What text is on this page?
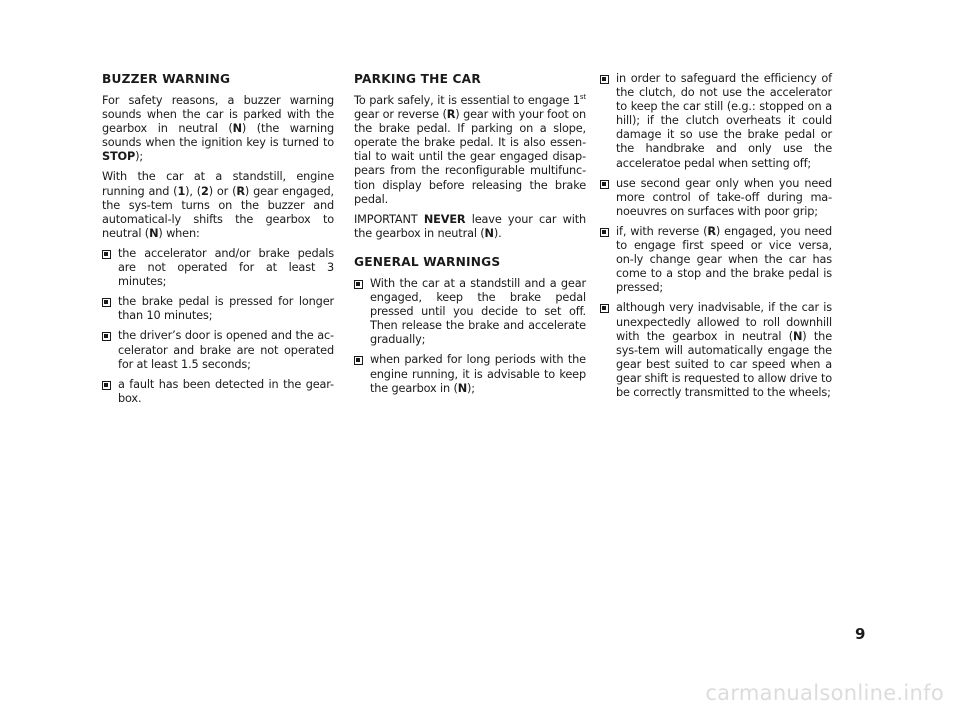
BUZZER WARNING

For safety reasons, a buzzer warning sounds when the car is parked with the gearbox in neutral (N) (the warning sounds when the ignition key is turned to STOP);

With the car at a standstill, engine running and (1), (2) or (R) gear engaged, the sys-tem turns on the buzzer and automatical-ly shifts the gearbox to neutral (N) when:

the accelerator and/or brake pedals are not operated for at least 3 minutes;
the brake pedal is pressed for longer than 10 minutes;
the driver’s door is opened and the ac-celerator and brake are not operated for at least 1.5 seconds;
a fault has been detected in the gear-box.
PARKING THE CAR

To park safely, it is essential to engage 1st gear or reverse (R) gear with your foot on the brake pedal. If parking on a slope, operate the brake pedal. It is also essen-tial to wait until the gear engaged disap-pears from the reconfigurable multifunc-tion display before releasing the brake pedal.

IMPORTANT NEVER leave your car with the gearbox in neutral (N).

GENERAL WARNINGS
With the car at a standstill and a gear engaged, keep the brake pedal pressed until you decide to set off. Then release the brake and accelerate gradually;
when parked for long periods with the engine running, it is advisable to keep the gearbox in (N);
in order to safeguard the efficiency of the clutch, do not use the accelerator to keep the car still (e.g.: stopped on a hill); if the clutch overheats it could damage it so use the brake pedal or the handbrake and only use the acceleratoe pedal when setting off;
use second gear only when you need more control of take-off during ma-noeuvres on surfaces with poor grip;
if, with reverse (R) engaged, you need to engage first speed or vice versa, on-ly change gear when the car has come to a stop and the brake pedal is pressed;
although very inadvisable, if the car is unexpectedly allowed to roll downhill with the gearbox in neutral (N) the sys-tem will automatically engage the gear best suited to car speed when a gear shift is requested to allow drive to be correctly transmitted to the wheels;
9
carmanualsonline.info
